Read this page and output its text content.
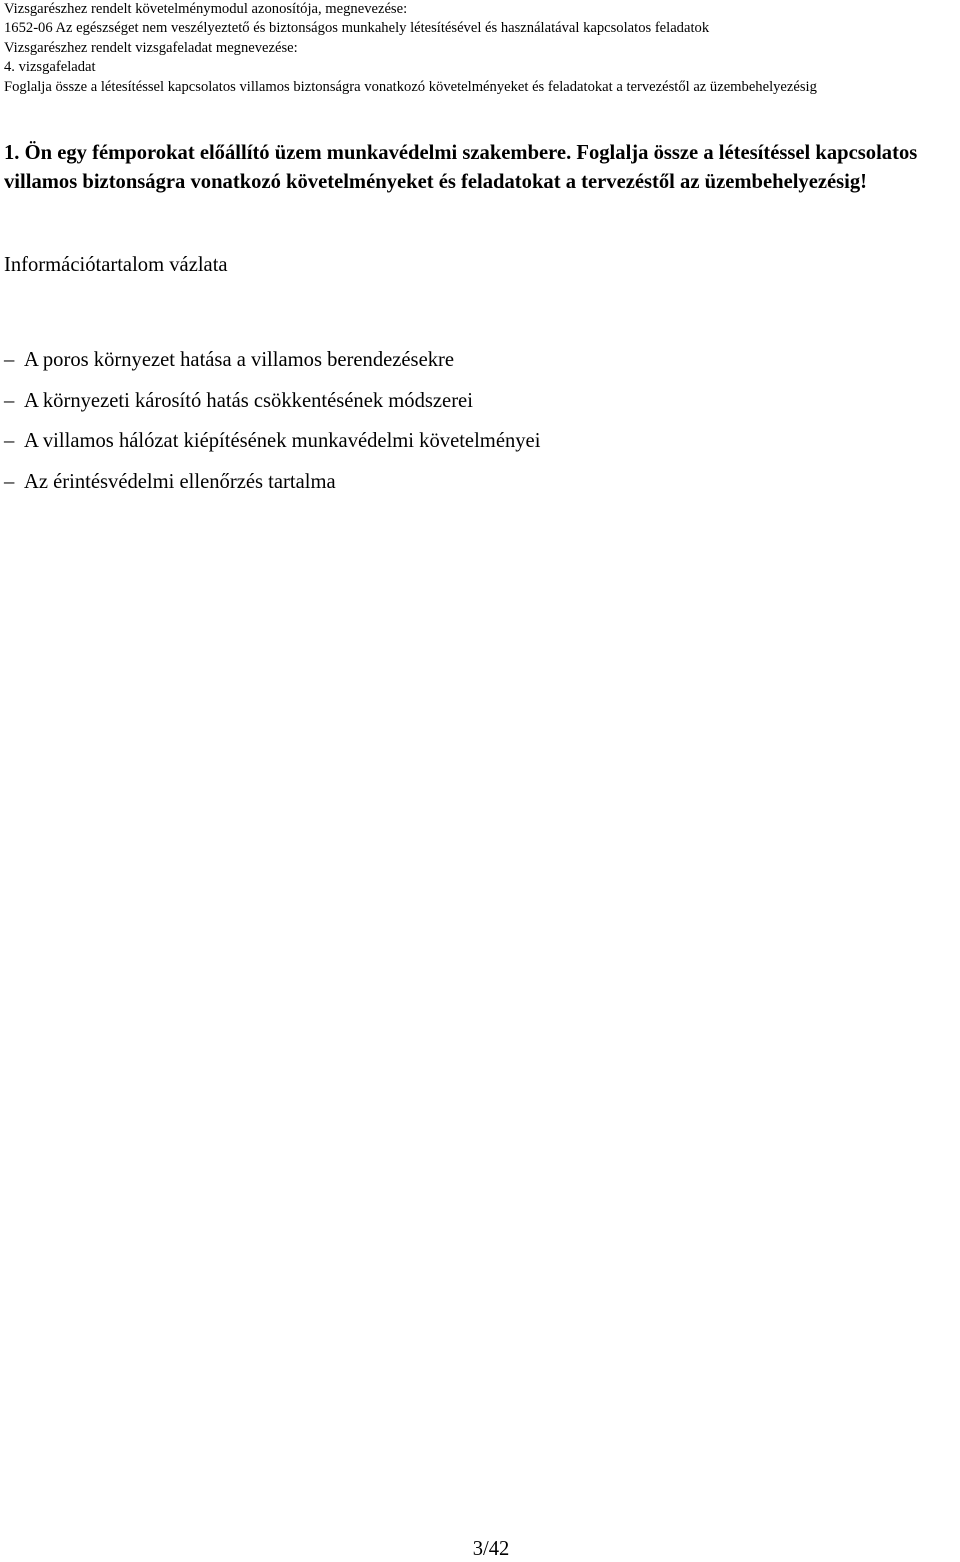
Vizsgarészhez rendelt követelménymodul azonosítója, megnevezése:
1652-06 Az egészséget nem veszélyeztető és biztonságos munkahely létesítésével és használatával kapcsolatos feladatok
Vizsgarészhez rendelt vizsgafeladat megnevezése:
4. vizsgafeladat
Foglalja össze a létesítéssel kapcsolatos villamos biztonságra vonatkozó követelményeket és feladatokat a tervezéstől az üzembehelyezésig

1. Ön egy fémporokat előállító üzem munkavédelmi szakembere. Foglalja össze a létesítéssel kapcsolatos villamos biztonságra vonatkozó követelményeket és feladatokat a tervezéstől az üzembehelyezésig!

Információtartalom vázlata

– A poros környezet hatása a villamos berendezésekre
– A környezeti károsító hatás csökkentésének módszerei
– A villamos hálózat kiépítésének munkavédelmi követelményei
– Az érintésvédelmi ellenőrzés tartalma
3/42
